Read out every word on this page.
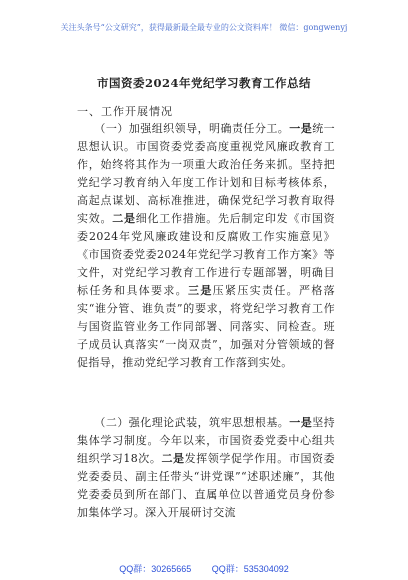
关注头条号“公文研究”，获得最新最全最专业的公文资料库！ 微信：gongwenyj
市国资委2024年党纪学习教育工作总结
一、工作开展情况
　　（一）加强组织领导，明确责任分工。一是统一思想认识。市国资委党委高度重视党风廉政教育工作，始终将其作为一项重大政治任务来抓。坚持把党纪学习教育纳入年度工作计划和目标考核体系，高起点谋划、高标准推进，确保党纪学习教育取得实效。二是细化工作措施。先后制定印发《市国资委2024年党风廉政建设和反腐败工作实施意见》《市国资委党委2024年党纪学习教育工作方案》等文件，对党纪学习教育工作进行专题部署，明确目标任务和具体要求。三是压紧压实责任。严格落实“谁分管、谁负责”的要求，将党纪学习教育工作与国资监管业务工作同部署、同落实、同检查。班子成员认真落实“一岗双责”，加强对分管领域的督促指导，推动党纪学习教育工作落到实处。
　　（二）强化理论武装，筑牢思想根基。一是坚持集体学习制度。今年以来，市国资委党委中心组共组织学习18次。二是发挥领学促学作用。市国资委党委委员、副主任带头“讲党课”“述职述廉”，其他党委委员到所在部门、直属单位以普通党员身份参加集体学习。深入开展研讨交流
QQ群：30265665 QQ群：535304092
